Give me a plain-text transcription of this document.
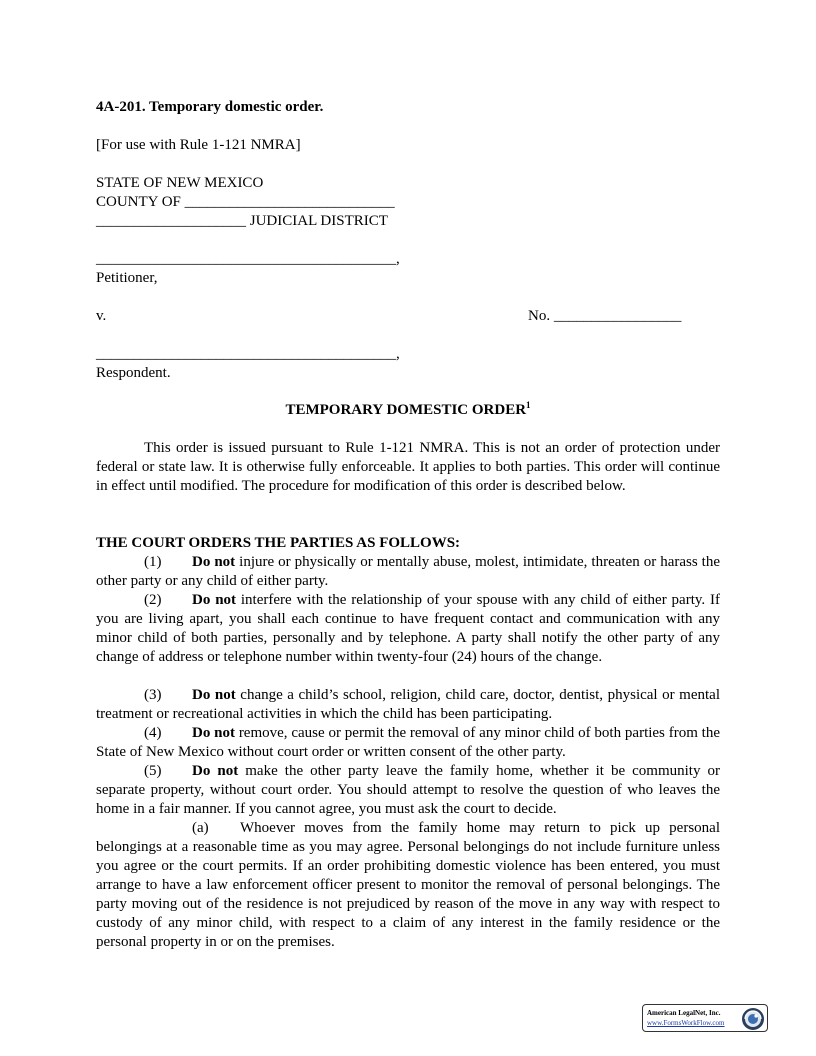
4A-201. Temporary domestic order.
[For use with Rule 1-121 NMRA]
STATE OF NEW MEXICO
COUNTY OF ____________________________
____________________ JUDICIAL DISTRICT
________________________________________,
Petitioner,
v.	No. _________________
________________________________________,
Respondent.
TEMPORARY DOMESTIC ORDER$^1$
This order is issued pursuant to Rule 1-121 NMRA. This is not an order of protection under federal or state law. It is otherwise fully enforceable. It applies to both parties. This order will continue in effect until modified. The procedure for modification of this order is described below.
THE COURT ORDERS THE PARTIES AS FOLLOWS:
(1) Do not injure or physically or mentally abuse, molest, intimidate, threaten or harass the other party or any child of either party.
(2) Do not interfere with the relationship of your spouse with any child of either party. If you are living apart, you shall each continue to have frequent contact and communication with any minor child of both parties, personally and by telephone. A party shall notify the other party of any change of address or telephone number within twenty-four (24) hours of the change.
(3) Do not change a child’s school, religion, child care, doctor, dentist, physical or mental treatment or recreational activities in which the child has been participating.
(4) Do not remove, cause or permit the removal of any minor child of both parties from the State of New Mexico without court order or written consent of the other party.
(5) Do not make the other party leave the family home, whether it be community or separate property, without court order. You should attempt to resolve the question of who leaves the home in a fair manner. If you cannot agree, you must ask the court to decide.
(a) Whoever moves from the family home may return to pick up personal belongings at a reasonable time as you may agree. Personal belongings do not include furniture unless you agree or the court permits. If an order prohibiting domestic violence has been entered, you must arrange to have a law enforcement officer present to monitor the removal of personal belongings. The party moving out of the residence is not prejudiced by reason of the move in any way with respect to custody of any minor child, with respect to a claim of any interest in the family residence or the personal property in or on the premises.
American LegalNet, Inc.
www.FormsWorkFlow.com
